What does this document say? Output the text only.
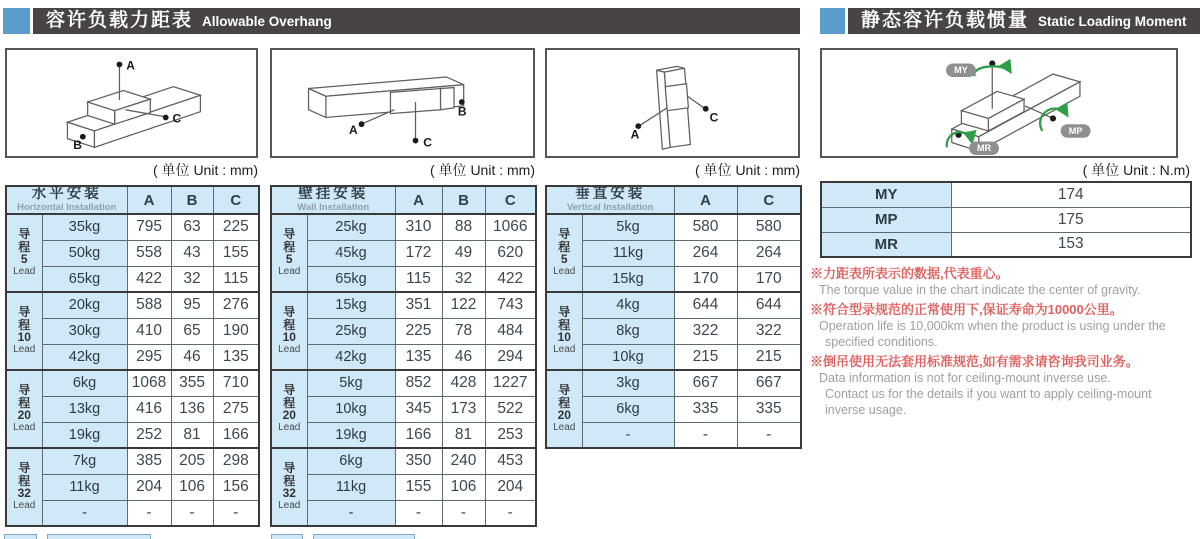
容许负载力距表 Allowable Overhang	静态容许负载惯量 Static Loading Moment
A
B
C	B
A
C
A
C
MY
MP
MR
( 单位 Unit : mm)	( 单位 Unit : mm)	( 单位 Unit : mm)	( 单位 Unit : N.m)
水平安装
Horizontal Installation		A	B	C

导
程
5
Lead	35kg	795	63	225
	50kg	558	43	155
	65kg	422	32	115

导
程
10
Lead	20kg	588	95	276
	30kg	410	65	190
	42kg	295	46	135

导
程
20
Lead	6kg	1068	355	710
	13kg	416	136	275
	19kg	252	81	166

导
程
32
Lead	7kg	385	205	298
	11kg	204	106	156
	-	-	-	-
壁挂安装
Wall Installation		A	B	C

导
程
5
Lead	25kg	310	88	1066
	45kg	172	49	620
	65kg	115	32	422

导
程
10
Lead	15kg	351	122	743
	25kg	225	78	484
	42kg	135	46	294

导
程
20
Lead	5kg	852	428	1227
	10kg	345	173	522
	19kg	166	81	253

导
程
32
Lead	6kg	350	240	453
	11kg	155	106	204
	-	-	-	-
垂直安装
Vertical Installation		A	C

导
程
5
Lead	5kg	580	580
	11kg	264	264
	15kg	170	170

导
程
10
Lead	4kg	644	644
	8kg	322	322
	10kg	215	215

导
程
20
Lead	3kg	667	667
	6kg	335	335
	-	-	-
MY	174
MP	175
MR	153
※力距表所表示的数据,代表重心。
The torque value in the chart indicate the center of gravity.
※符合型录规范的正常使用下,保证寿命为10000公里。
Operation life is 10,000km when the product is using under the
specified conditions.
※倒吊使用无法套用标准规范,如有需求请咨询我司业务。
Data information is not for ceiling-mount inverse use.
Contact us for the details if you want to apply ceiling-mount
inverse usage.
